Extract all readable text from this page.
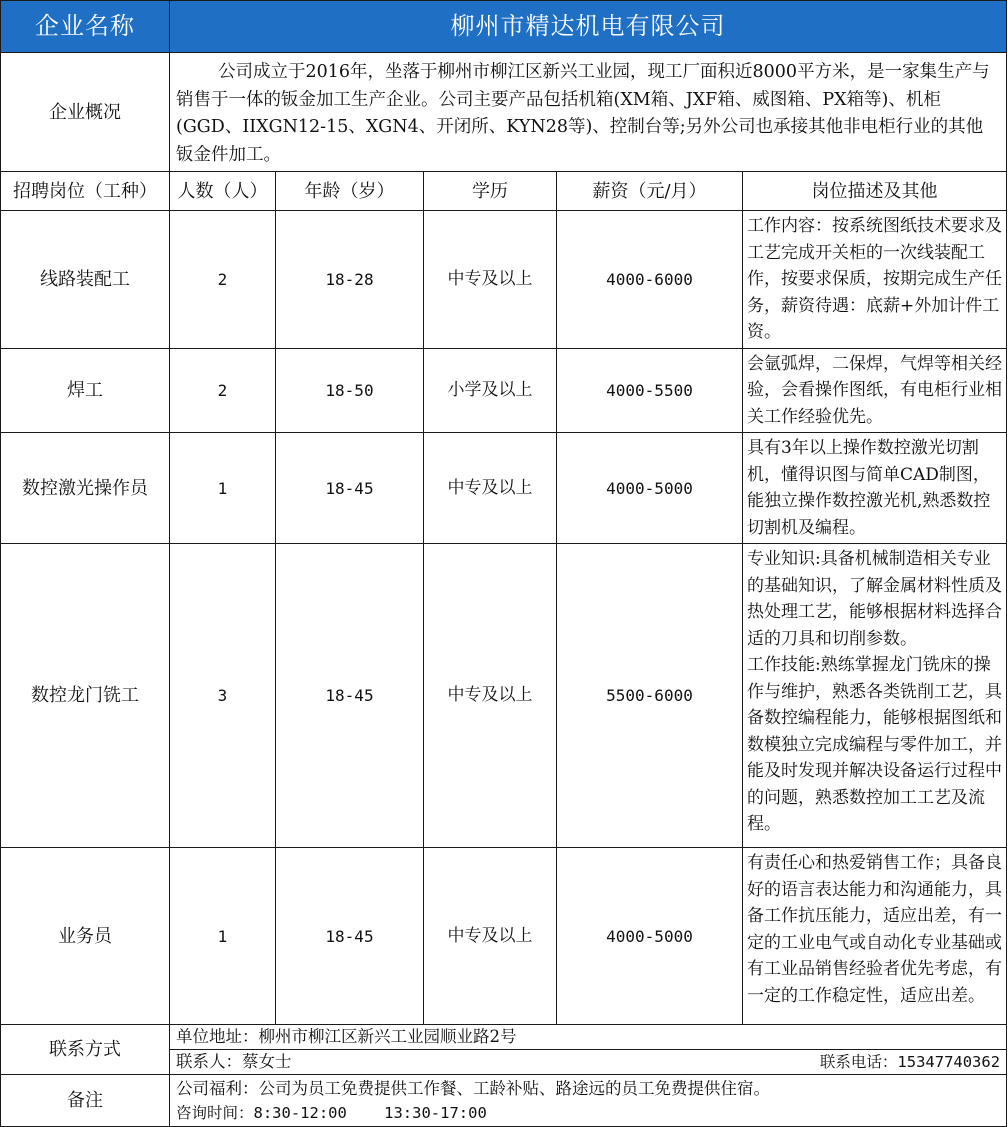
企业名称	柳州市精达机电有限公司				
企业概况	公司成立于2016年，坐落于柳州市柳江区新兴工业园，现工厂面积近8000平方米，是一家集生产与销售于一体的钣金加工生产企业。公司主要产品包括机箱(XM箱、JXF箱、威图箱、PX箱等)、机柜(GGD、IIXGN12-15、XGN4、开闭所、KYN28等)、控制台等;另外公司也承接其他非电柜行业的其他钣金件加工。				
招聘岗位（工种）	人数（人）	年龄（岁）	学历	薪资（元/月）	岗位描述及其他
线路装配工	2	18-28	中专及以上	4000-6000	工作内容：按系统图纸技术要求及工艺完成开关柜的一次线装配工作，按要求保质，按期完成生产任务，薪资待遇：底薪+外加计件工资。
焊工	2	18-50	小学及以上	4000-5500	会氩弧焊，二保焊，气焊等相关经验，会看操作图纸，有电柜行业相关工作经验优先。
数控激光操作员	1	18-45	中专及以上	4000-5000	具有3年以上操作数控激光切割机，懂得识图与简单CAD制图，能独立操作数控激光机,熟悉数控切割机及编程。
数控龙门铣工	3	18-45	中专及以上	5500-6000	专业知识:具备机械制造相关专业的基础知识，了解金属材料性质及热处理工艺，能够根据材料选择合适的刀具和切削参数。
工作技能:熟练掌握龙门铣床的操作与维护，熟悉各类铣削工艺，具备数控编程能力，能够根据图纸和数模独立完成编程与零件加工，并能及时发现并解决设备运行过程中的问题，熟悉数控加工工艺及流程。

业务员	1	18-45	中专及以上	4000-5000	有责任心和热爱销售工作；具备良好的语言表达能力和沟通能力，具备工作抗压能力，适应出差，有一定的工业电气或自动化专业基础或有工业品销售经验者优先考虑，有一定的工作稳定性，适应出差。
联系方式	单位地址：柳州市柳江区新兴工业园顺业路2号				
	联系人：蔡女士 联系电话：15347740362				

备注	公司福利：公司为员工免费提供工作餐、工龄补贴、路途远的员工免费提供住宿。
咨询时间：8:30-12:00    13:30-17:00				
